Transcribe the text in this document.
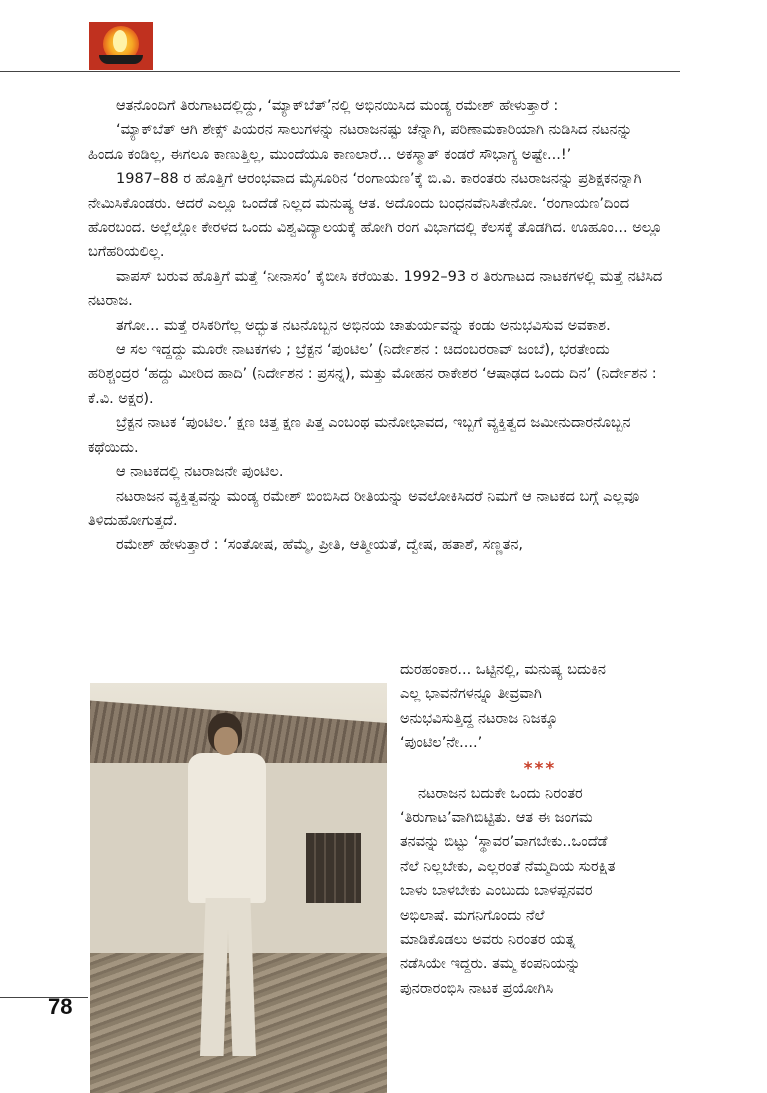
ಆತನೊಂದಿಗೆ ತಿರುಗಾಟದಲ್ಲಿದ್ದು, ‘ಮ್ಯಾಕ್‌ಬೆತ್’ನಲ್ಲಿ ಅಭಿನಯಿಸಿದ ಮಂಡ್ಯ ರಮೇಶ್ ಹೇಳುತ್ತಾರೆ :

‘ಮ್ಯಾಕ್‌ಬೆತ್ ಆಗಿ ಶೇಕ್ಸ್ ಪಿಯರನ ಸಾಲುಗಳನ್ನು ನಟರಾಜನಷ್ಟು ಚೆನ್ನಾಗಿ, ಪರಿಣಾಮಕಾರಿಯಾಗಿ ನುಡಿಸಿದ ನಟನನ್ನು ಹಿಂದೂ ಕಂಡಿಲ್ಲ, ಈಗಲೂ ಕಾಣುತ್ತಿಲ್ಲ, ಮುಂದೆಯೂ ಕಾಣಲಾರೆ... ಅಕಸ್ಮಾತ್ ಕಂಡರೆ ಸೌಭಾಗ್ಯ ಅಷ್ಟೇ...!’

1987–88 ರ ಹೊತ್ತಿಗೆ ಆರಂಭವಾದ ಮೈಸೂರಿನ ‘ರಂಗಾಯಣ’ಕ್ಕೆ ಬಿ.ವಿ. ಕಾರಂತರು ನಟರಾಜನನ್ನು ಪ್ರಶಿಕ್ಷಕನನ್ನಾಗಿ ನೇಮಿಸಿಕೊಂಡರು. ಆದರೆ ಎಲ್ಲೂ ಒಂದೆಡೆ ನಿಲ್ಲದ ಮನುಷ್ಯ ಆತ. ಅದೊಂದು ಬಂಧನವೆನಿಸಿತೇನೋ. ‘ರಂಗಾಯಣ’ದಿಂದ ಹೊರಬಂದ. ಅಲ್ಲೆಲ್ಲೋ ಕೇರಳದ ಒಂದು ವಿಶ್ವವಿದ್ಯಾಲಯಕ್ಕೆ ಹೋಗಿ ರಂಗ ವಿಭಾಗದಲ್ಲಿ ಕೆಲಸಕ್ಕೆ ತೊಡಗಿದ. ಊಹೂಂ... ಅಲ್ಲೂ ಬಗೆಹರಿಯಲಿಲ್ಲ.

ವಾಪಸ್ ಬರುವ ಹೊತ್ತಿಗೆ ಮತ್ತೆ ‘ನೀನಾಸಂ’ ಕೈಬೀಸಿ ಕರೆಯಿತು. 1992–93 ರ ತಿರುಗಾಟದ ನಾಟಕಗಳಲ್ಲಿ ಮತ್ತೆ ನಟಿಸಿದ ನಟರಾಜ.

ತಗೋ... ಮತ್ತೆ ರಸಿಕರಿಗೆಲ್ಲ ಅದ್ಭುತ ನಟನೊಬ್ಬನ ಅಭಿನಯ ಚಾತುರ್ಯವನ್ನು ಕಂಡು ಅನುಭವಿಸುವ ಅವಕಾಶ.

ಆ ಸಲ ಇದ್ದದ್ದು ಮೂರೇ ನಾಟಕಗಳು ; ಬ್ರೆಕ್ಟನ ‘ಪುಂಟಿಲ’ (ನಿರ್ದೇಶನ : ಚಿದಂಬರರಾವ್ ಜಂಬೆ), ಭರತೇಂದು ಹರಿಶ್ಚಂದ್ರರ ‘ಹದ್ದು ಮೀರಿದ ಹಾದಿ’ (ನಿರ್ದೇಶನ : ಪ್ರಸನ್ನ), ಮತ್ತು ಮೋಹನ ರಾಕೇಶರ ‘ಆಷಾಢದ ಒಂದು ದಿನ’ (ನಿರ್ದೇಶನ : ಕೆ.ವಿ. ಅಕ್ಷರ).

ಬ್ರೆಕ್ಟನ ನಾಟಕ ‘ಪುಂಟಿಲ.’ ಕ್ಷಣ ಚಿತ್ತ ಕ್ಷಣ ಪಿತ್ತ ಎಂಬಂಥ ಮನೋಭಾವದ, ಇಬ್ಬಗೆ ವ್ಯಕ್ತಿತ್ವದ ಜಮೀನುದಾರನೊಬ್ಬನ ಕಥೆಯಿದು.

ಆ ನಾಟಕದಲ್ಲಿ ನಟರಾಜನೇ ಪುಂಟಿಲ.

ನಟರಾಜನ ವ್ಯಕ್ತಿತ್ವವನ್ನು ಮಂಡ್ಯ ರಮೇಶ್ ಬಿಂಬಿಸಿದ ರೀತಿಯನ್ನು ಅವಲೋಕಿಸಿದರೆ ನಿಮಗೆ ಆ ನಾಟಕದ ಬಗ್ಗೆ ಎಲ್ಲವೂ ತಿಳಿದುಹೋಗುತ್ತದೆ.

ರಮೇಶ್ ಹೇಳುತ್ತಾರೆ : ‘ಸಂತೋಷ, ಹೆಮ್ಮೆ, ಪ್ರೀತಿ, ಆತ್ಮೀಯತೆ, ದ್ವೇಷ, ಹತಾಶೆ, ಸಣ್ಣತನ,

ದುರಹಂಕಾರ... ಒಟ್ಟಿನಲ್ಲಿ, ಮನುಷ್ಯ ಬದುಕಿನ

ಎಲ್ಲ ಭಾವನೆಗಳನ್ನೂ ತೀವ್ರವಾಗಿ

ಅನುಭವಿಸುತ್ತಿದ್ದ ನಟರಾಜ ನಿಜಕ್ಕೂ

‘ಪುಂಟಿಲ’ನೇ....’

***

ನಟರಾಜನ ಬದುಕೇ ಒಂದು ನಿರಂತರ

‘ತಿರುಗಾಟ’ವಾಗಿಬಿಟ್ಟಿತು. ಆತ ಈ ಜಂಗಮ

ತನವನ್ನು ಬಿಟ್ಟು ‘ಸ್ಥಾವರ’ವಾಗಬೇಕು..ಒಂದೆಡೆ

ನೆಲೆ ನಿಲ್ಲಬೇಕು, ಎಲ್ಲರಂತೆ ನೆಮ್ಮದಿಯ ಸುರಕ್ಷಿತ

ಬಾಳು ಬಾಳಬೇಕು ಎಂಬುದು ಬಾಳಪ್ಪನವರ

ಅಭಿಲಾಷೆ. ಮಗನಿಗೊಂದು ನೆಲೆ

ಮಾಡಿಕೊಡಲು ಅವರು ನಿರಂತರ ಯತ್ನ

ನಡೆಸಿಯೇ ಇದ್ದರು. ತಮ್ಮ ಕಂಪನಿಯನ್ನು

ಪುನರಾರಂಭಿಸಿ ನಾಟಕ ಪ್ರಯೋಗಿಸಿ

78
